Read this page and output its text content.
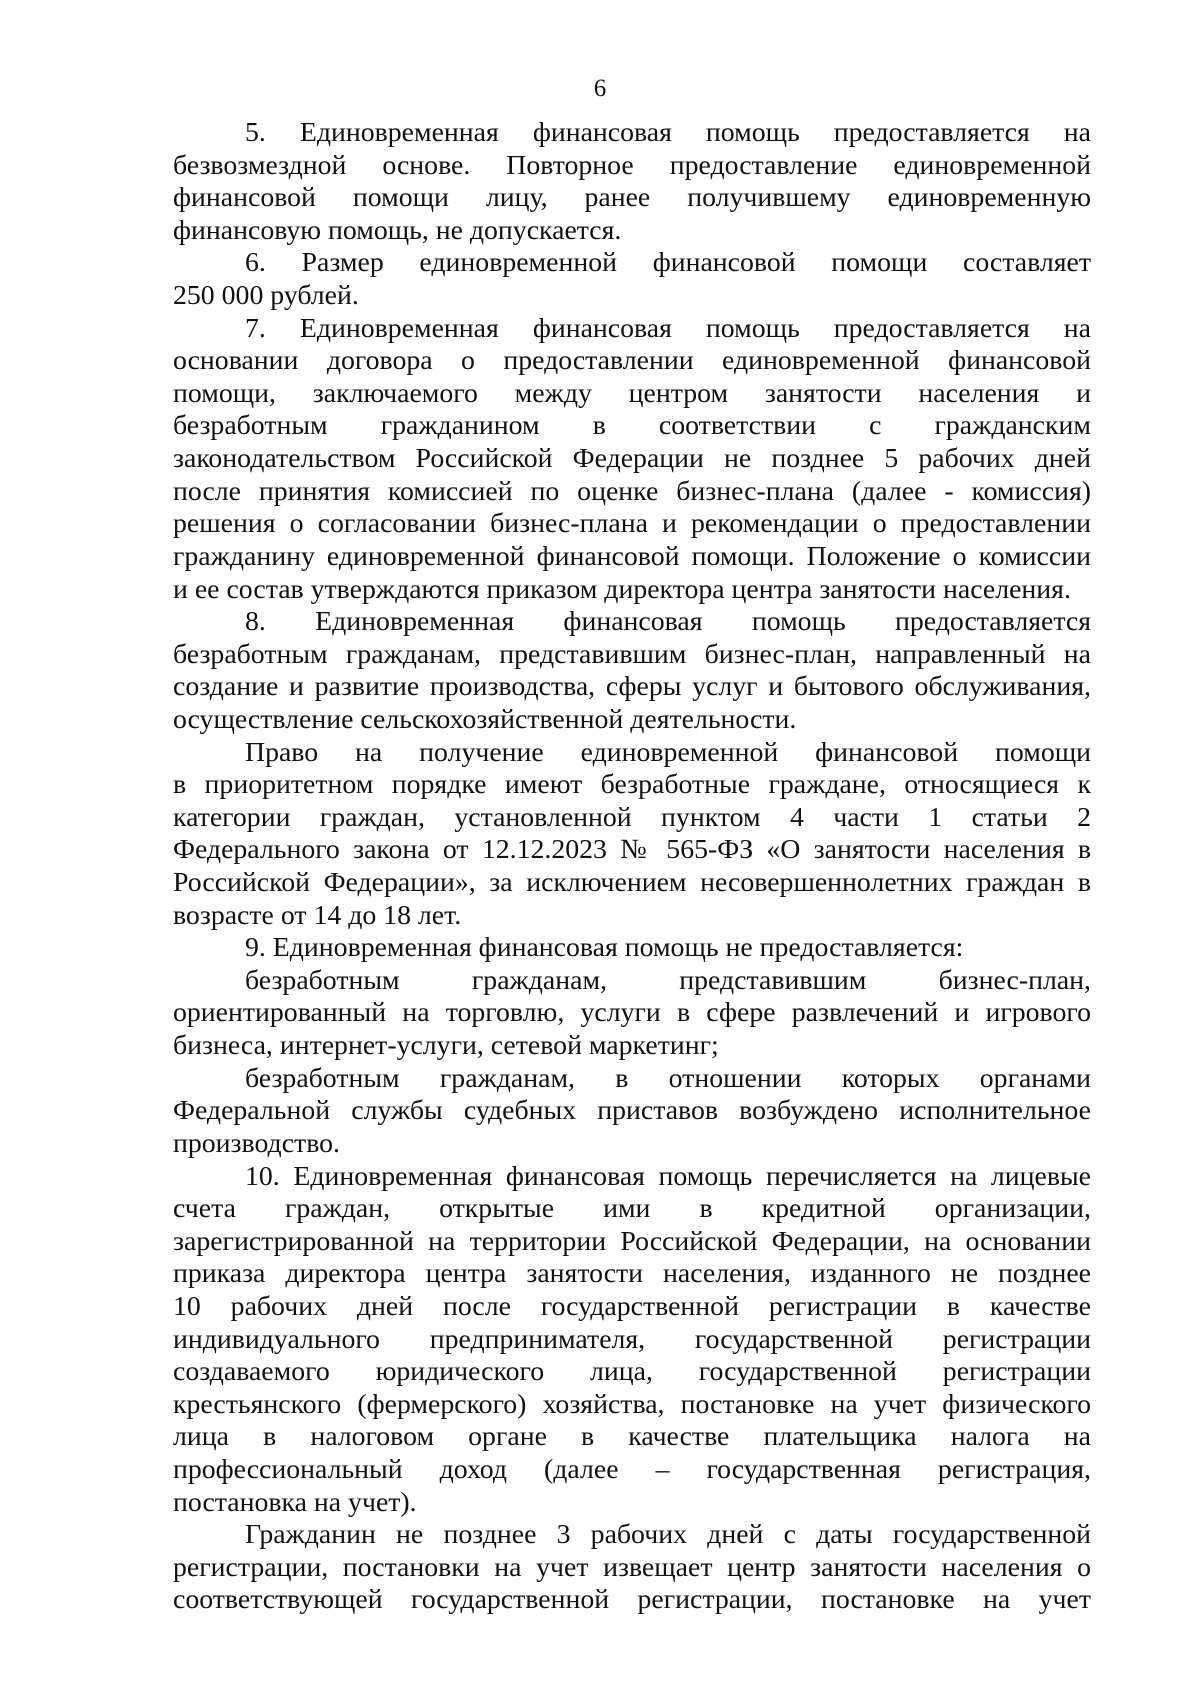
6
5. Единовременная финансовая помощь предоставляется на
безвозмездной основе. Повторное предоставление единовременной
финансовой помощи лицу, ранее получившему единовременную
финансовую помощь, не допускается.
6. Размер единовременной финансовой помощи составляет
250 000 рублей.
7. Единовременная финансовая помощь предоставляется на
основании договора о предоставлении единовременной финансовой
помощи, заключаемого между центром занятости населения и
безработным гражданином в соответствии с гражданским
законодательством Российской Федерации не позднее 5 рабочих дней
после принятия комиссией по оценке бизнес-плана (далее - комиссия)
решения о согласовании бизнес-плана и рекомендации о предоставлении
гражданину единовременной финансовой помощи. Положение о комиссии
и ее состав утверждаются приказом директора центра занятости населения.
8. Единовременная финансовая помощь предоставляется
безработным гражданам, представившим бизнес-план, направленный на
создание и развитие производства, сферы услуг и бытового обслуживания,
осуществление сельскохозяйственной деятельности.
Право на получение единовременной финансовой помощи
в приоритетном порядке имеют безработные граждане, относящиеся к
категории граждан, установленной пунктом 4 части 1 статьи 2
Федерального закона от 12.12.2023 № 565-ФЗ «О занятости населения в
Российской Федерации», за исключением несовершеннолетних граждан в
возрасте от 14 до 18 лет.
9. Единовременная финансовая помощь не предоставляется:
безработным гражданам, представившим бизнес-план,
ориентированный на торговлю, услуги в сфере развлечений и игрового
бизнеса, интернет-услуги, сетевой маркетинг;
безработным гражданам, в отношении которых органами
Федеральной службы судебных приставов возбуждено исполнительное
производство.
10. Единовременная финансовая помощь перечисляется на лицевые
счета граждан, открытые ими в кредитной организации,
зарегистрированной на территории Российской Федерации, на основании
приказа директора центра занятости населения, изданного не позднее
10 рабочих дней после государственной регистрации в качестве
индивидуального предпринимателя, государственной регистрации
создаваемого юридического лица, государственной регистрации
крестьянского (фермерского) хозяйства, постановке на учет физического
лица в налоговом органе в качестве плательщика налога на
профессиональный доход (далее – государственная регистрация,
постановка на учет).
Гражданин не позднее 3 рабочих дней с даты государственной
регистрации, постановки на учет извещает центр занятости населения о
соответствующей государственной регистрации, постановке на учет
